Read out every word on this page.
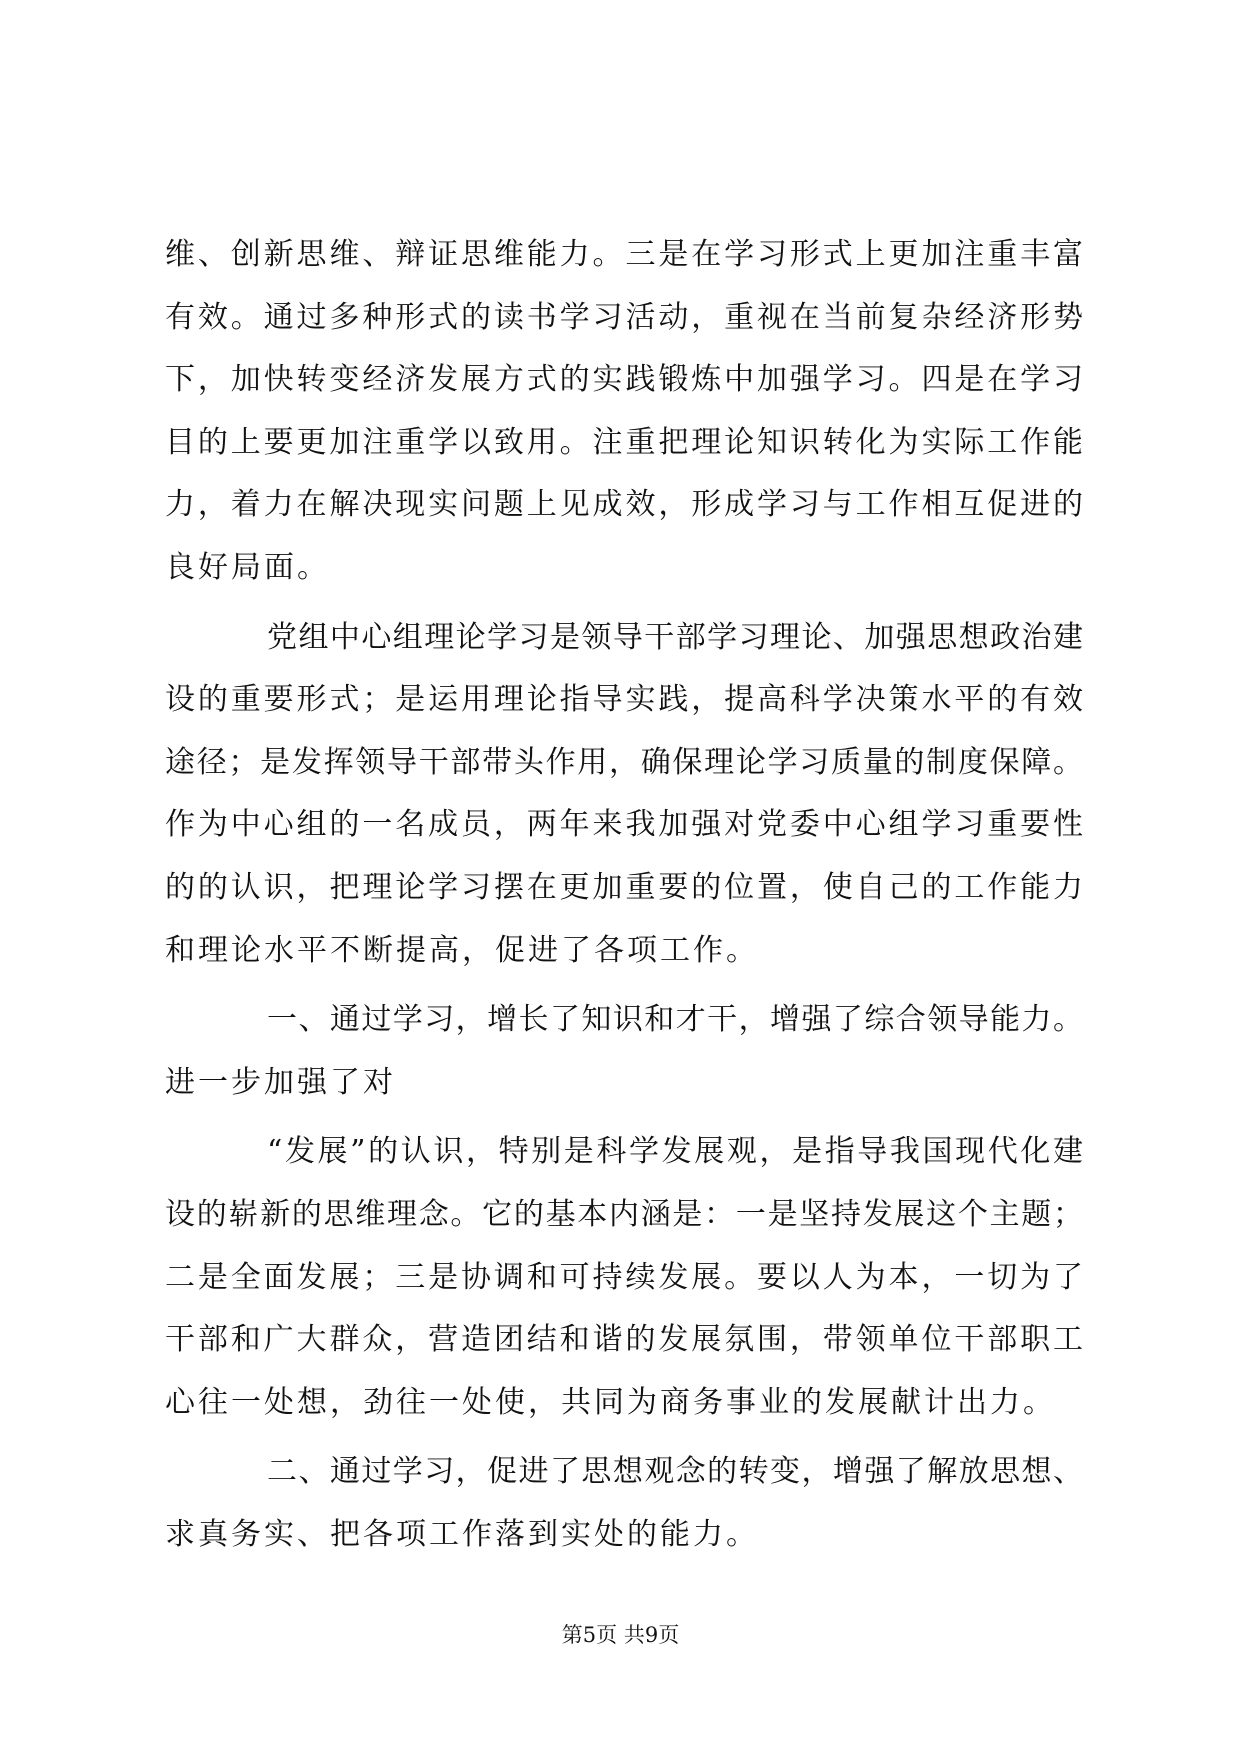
维、创新思维、辩证思维能力。三是在学习形式上更加注重丰富
有效。通过多种形式的读书学习活动，重视在当前复杂经济形势
下，加快转变经济发展方式的实践锻炼中加强学习。四是在学习
目的上要更加注重学以致用。注重把理论知识转化为实际工作能
力，着力在解决现实问题上见成效，形成学习与工作相互促进的
良好局面。
党组中心组理论学习是领导干部学习理论、加强思想政治建
设的重要形式；是运用理论指导实践，提高科学决策水平的有效
途径；是发挥领导干部带头作用，确保理论学习质量的制度保障。
作为中心组的一名成员，两年来我加强对党委中心组学习重要性
的的认识，把理论学习摆在更加重要的位置，使自己的工作能力
和理论水平不断提高，促进了各项工作。
一、通过学习，增长了知识和才干，增强了综合领导能力。
进一步加强了对
“发展”的认识，特别是科学发展观，是指导我国现代化建
设的崭新的思维理念。它的基本内涵是：一是坚持发展这个主题；
二是全面发展；三是协调和可持续发展。要以人为本，一切为了
干部和广大群众，营造团结和谐的发展氛围，带领单位干部职工
心往一处想，劲往一处使，共同为商务事业的发展献计出力。
二、通过学习，促进了思想观念的转变，增强了解放思想、
求真务实、把各项工作落到实处的能力。
第5页 共9页
